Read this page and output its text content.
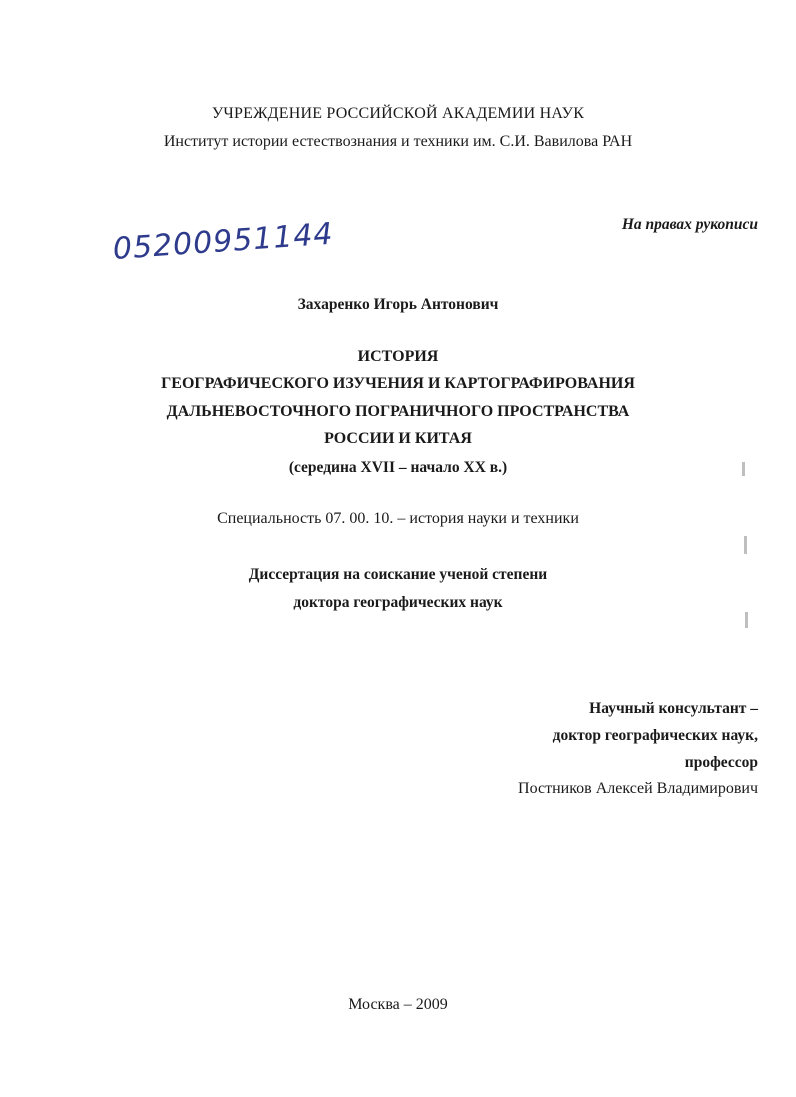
УЧРЕЖДЕНИЕ РОССИЙСКОЙ АКАДЕМИИ НАУК
Институт истории естествознания и техники им. С.И. Вавилова РАН
На правах рукописи
05200951144
Захаренко Игорь Антонович
ИСТОРИЯ
ГЕОГРАФИЧЕСКОГО ИЗУЧЕНИЯ И КАРТОГРАФИРОВАНИЯ
ДАЛЬНЕВОСТОЧНОГО ПОГРАНИЧНОГО ПРОСТРАНСТВА
РОССИИ И КИТАЯ
(середина XVII – начало XX в.)
Специальность 07. 00. 10. – история науки и техники
Диссертация на соискание ученой степени
доктора географических наук
Научный консультант –
доктор географических наук,
профессор
Постников Алексей Владимирович
Москва – 2009
